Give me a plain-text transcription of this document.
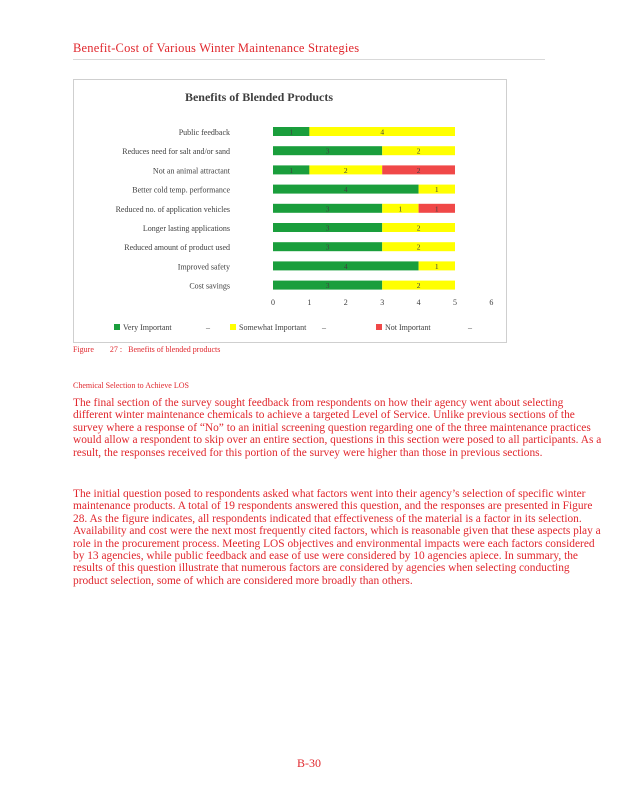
Benefit-Cost of Various Winter Maintenance Strategies
Benefits of Blended Products
Public feedback	1	4
Reduces need for salt and/or sand	3	2
Not an animal attractant	1	2	2
Better cold temp. performance	4	1
Reduced no. of application vehicles	3	1	1
Longer lasting applications	3	2
Reduced amount of product used	3	2
Improved safety	4	1
Cost savings	3	2
0	1	2	3	4	5	6
Very Important	–	Somewhat Important –	Not Important	–
Figure 27 : Benefits of blended products
Chemical Selection to Achieve LOS

The final section of the survey sought feedback from respondents on how their agency went about selecting different winter maintenance chemicals to achieve a targeted Level of Service. Unlike previous sections of the survey where a response of “No” to an initial screening question regarding one of the three maintenance practices would allow a respondent to skip over an entire section, questions in this section were posed to all participants. As a result, the responses received for this portion of the survey were higher than those in previous sections.

The initial question posed to respondents asked what factors went into their agency’s selection of specific winter maintenance products. A total of 19 respondents answered this question, and the responses are presented in Figure 28. As the figure indicates, all respondents indicated that effectiveness of the material is a factor in its selection. Availability and cost were the next most frequently cited factors, which is reasonable given that these aspects play a role in the procurement process. Meeting LOS objectives and environmental impacts were each factors considered by 13 agencies, while public feedback and ease of use were considered by 10 agencies apiece. In summary, the results of this question illustrate that numerous factors are considered by agencies when selecting conducting product selection, some of which are considered more broadly than others.

B-30
